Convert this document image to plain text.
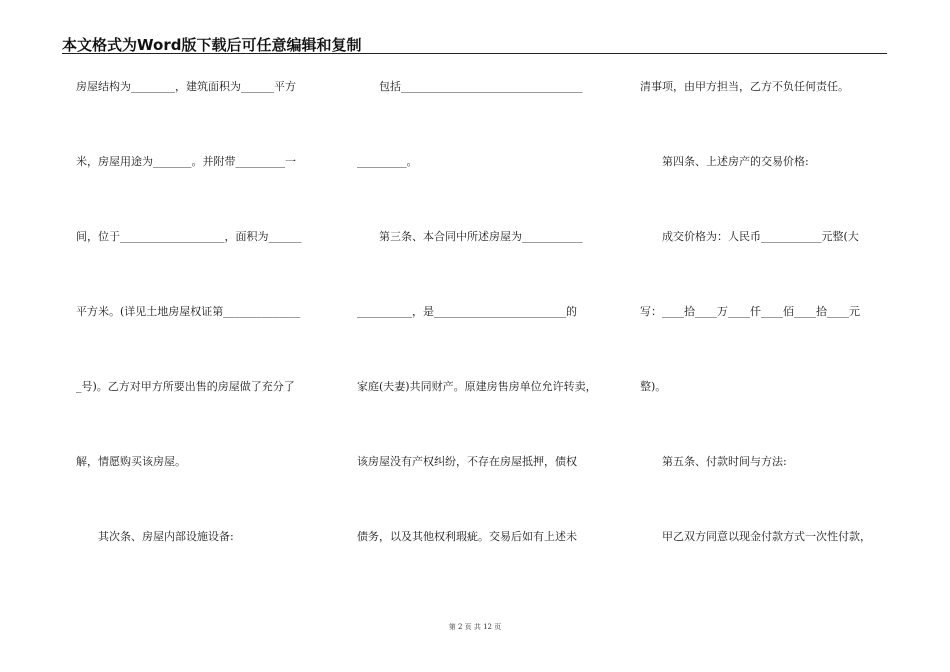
本文格式为Word版下载后可任意编辑和复制
房屋结构为________，建筑面积为______平方
米，房屋用途为_______。并附带_________一
间，位于___________________，面积为______
平方米。(详见土地房屋权证第______________
_号)。乙方对甲方所要出售的房屋做了充分了
解，情愿购买该房屋。
　　其次条、房屋内部设施设备:
　　包括_________________________________
_________。
　　第三条、本合同中所述房屋为___________
__________，是________________________的
家庭(夫妻)共同财产。原建房售房单位允许转卖，
该房屋没有产权纠纷，不存在房屋抵押，债权
债务，以及其他权利瑕疵。交易后如有上述未
清事项，由甲方担当，乙方不负任何责任。
　　第四条、上述房产的交易价格:
　　成交价格为：人民币___________元整(大
写：____拾____万____仟____佰____拾____元
整)。
　　第五条、付款时间与方法:
　　甲乙双方同意以现金付款方式一次性付款，
第 2 页 共 12 页
